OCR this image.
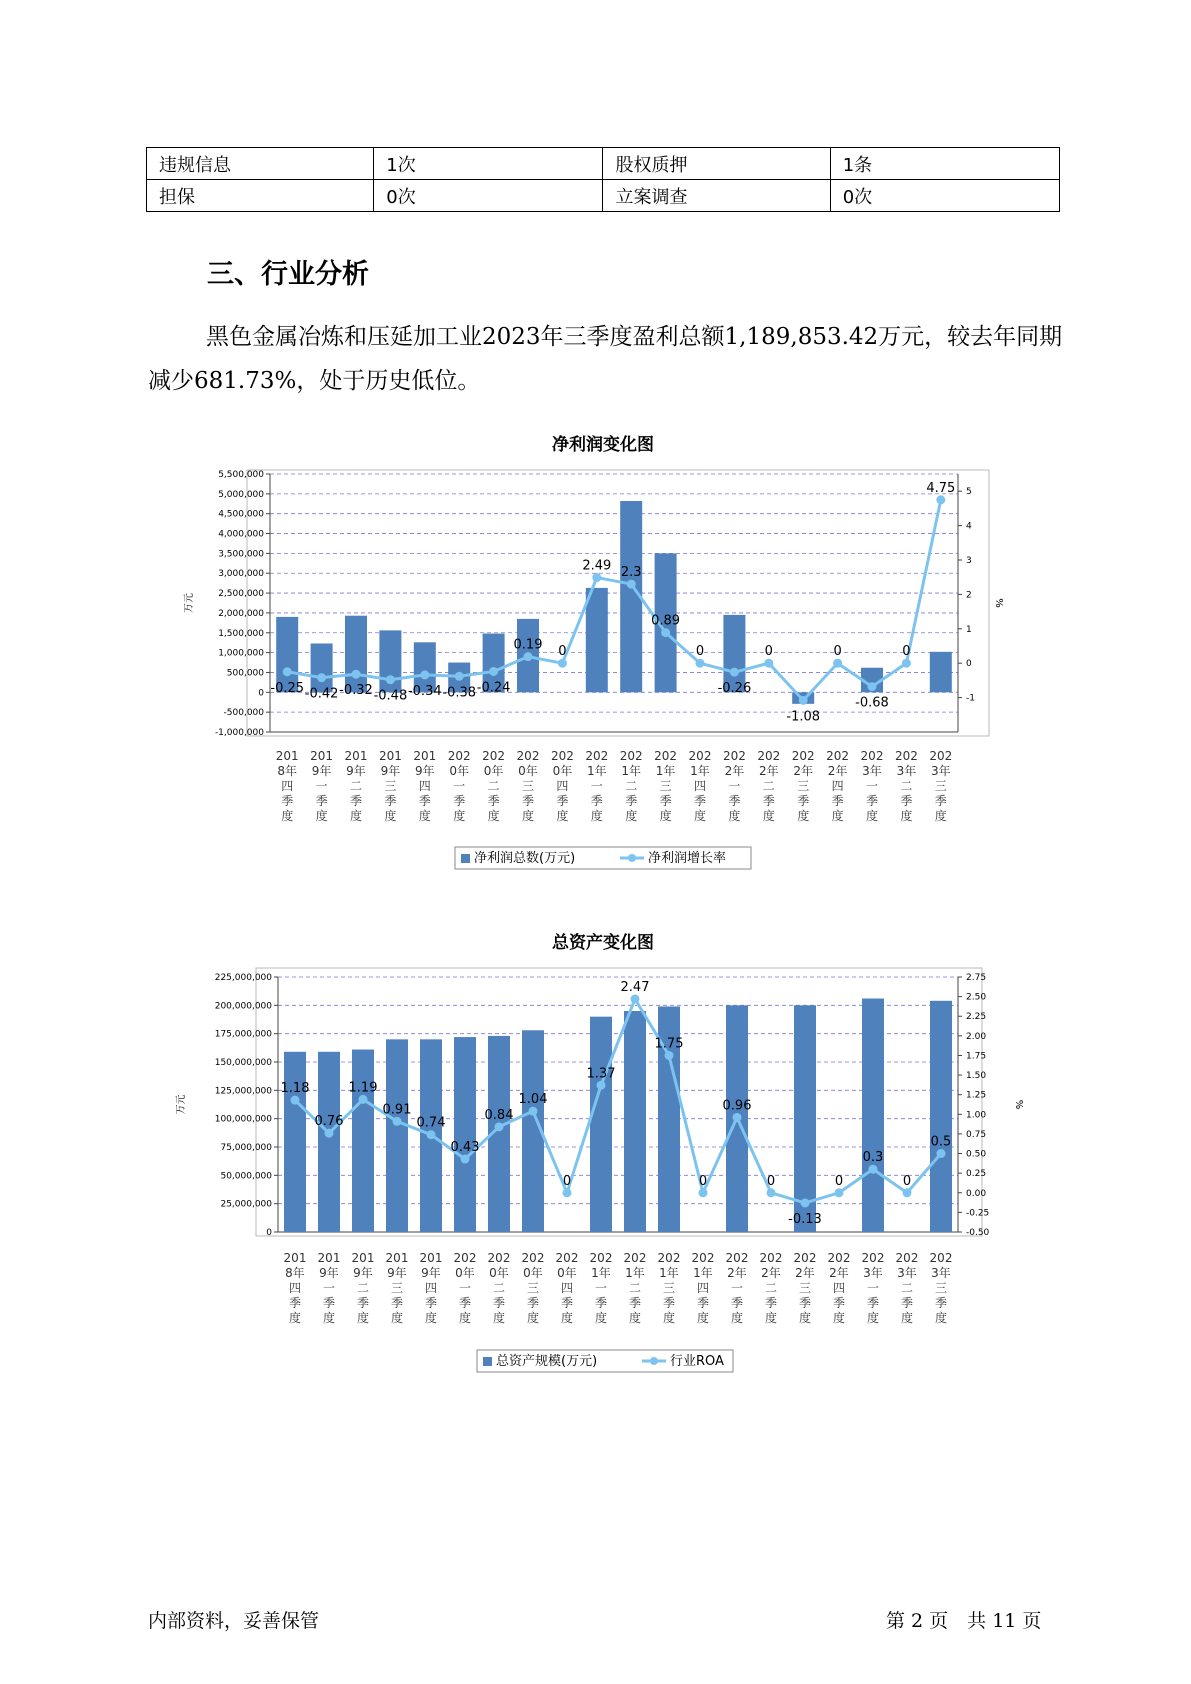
违规信息	1次	股权质押	1条
担保	0次	立案调查	0次
三、行业分析
黑色金属冶炼和压延加工业2023年三季度盈利总额1,189,853.42万元，较去年同期减少681.73%，处于历史低位。
净利润变化图
-1,000,000
-500,000
0
500,000
1,000,000
1,500,000
2,000,000
2,500,000
3,000,000
3,500,000
4,000,000
4,500,000
5,000,000
5,500,000
-1
0
1
2
3
4
5
万元	%
-0.25 -0.42 -0.32 -0.48 -0.34 -0.38 -0.24
0.19 0
2.49 2.3
0.89
0
-0.26
0
-1.08
0
-0.68
0
4.75
201
8年
四
季
度
201
9年
一
季
度
201
9年
二
季
度
201
9年
三
季
度
201
9年
四
季
度
202
0年
一
季
度
202
0年
二
季
度
202
0年
三
季
度
202
0年
四
季
度
202
1年
一
季
度
202
1年
二
季
度
202
1年
三
季
度
202
1年
四
季
度
202
2年
一
季
度
202
2年
二
季
度
202
2年
三
季
度
202
2年
四
季
度
202
3年
一
季
度
202
3年
二
季
度
202
3年
三
季
度
净利润总数(万元)	净利润增长率
总资产变化图
0
25,000,000
50,000,000
75,000,000
100,000,000
125,000,000
150,000,000
175,000,000
200,000,000
225,000,000
-0.50
-0.25
0.00
0.25
0.50
0.75
1.00
1.25
1.50
1.75
2.00
2.25
2.50
2.75
万元	%
1.18
0.76
1.19
0.91
0.74
0.43
0.84
1.04
0
1.37
2.47
1.75
0
0.96
0
-0.13
0
0.3
0
0.5
201
8年
四
季
度
201
9年
一
季
度
201
9年
二
季
度
201
9年
三
季
度
201
9年
四
季
度
202
0年
一
季
度
202
0年
二
季
度
202
0年
三
季
度
202
0年
四
季
度
202
1年
一
季
度
202
1年
二
季
度
202
1年
三
季
度
202
1年
四
季
度
202
2年
一
季
度
202
2年
二
季
度
202
2年
三
季
度
202
2年
四
季
度
202
3年
一
季
度
202
3年
二
季
度
202
3年
三
季
度
总资产规模(万元)	行业ROA
内部资料，妥善保管	第 2 页　共 11 页
